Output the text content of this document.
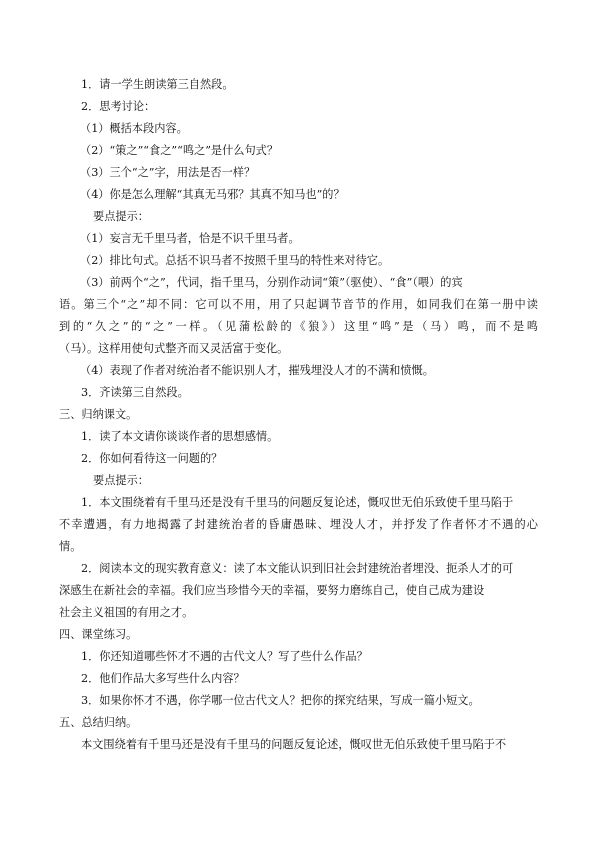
1．请一学生朗读第三自然段。
2．思考讨论：
（1）概括本段内容。
（2）“策之”“食之”“鸣之”是什么句式？
（3）三个“之”字，用法是否一样？
（4）你是怎么理解“其真无马邪？其真不知马也”的？
要点提示：
（1）妄言无千里马者，恰是不识千里马者。
（2）排比句式。总括不识马者不按照千里马的特性来对待它。
（3）前两个“之”，代词，指千里马，分别作动词“策”（驱使）、“食”（喂）的宾
语。第三个“之”却不同：它可以不用，用了只起调节音节的作用，如同我们在第一册中读
到的“久之”的“之”一样。（见蒲松龄的《狼》）这里“鸣”是（马）鸣，而不是鸣
（马）。这样用使句式整齐而又灵活富于变化。
（4）表现了作者对统治者不能识别人才，摧残埋没人才的不满和愤慨。
3．齐读第三自然段。
三、归纳课文。
1．读了本文请你谈谈作者的思想感情。
2．你如何看待这一问题的？
要点提示：
1．本文围绕着有千里马还是没有千里马的问题反复论述，慨叹世无伯乐致使千里马陷于
不幸遭遇，有力地揭露了封建统治者的昏庸愚昧、埋没人才，并抒发了作者怀才不遇的心
情。
2．阅读本文的现实教育意义：读了本文能认识到旧社会封建统治者埋没、扼杀人才的可
深感生在新社会的幸福。我们应当珍惜今天的幸福，要努力磨练自己，使自己成为建设
社会主义祖国的有用之才。
四、课堂练习。
1．你还知道哪些怀才不遇的古代文人？写了些什么作品？
2．他们作品大多写些什么内容？
3．如果你怀才不遇，你学哪一位古代文人？把你的探究结果，写成一篇小短文。
五、总结归纳。
本文围绕着有千里马还是没有千里马的问题反复论述，慨叹世无伯乐致使千里马陷于不
